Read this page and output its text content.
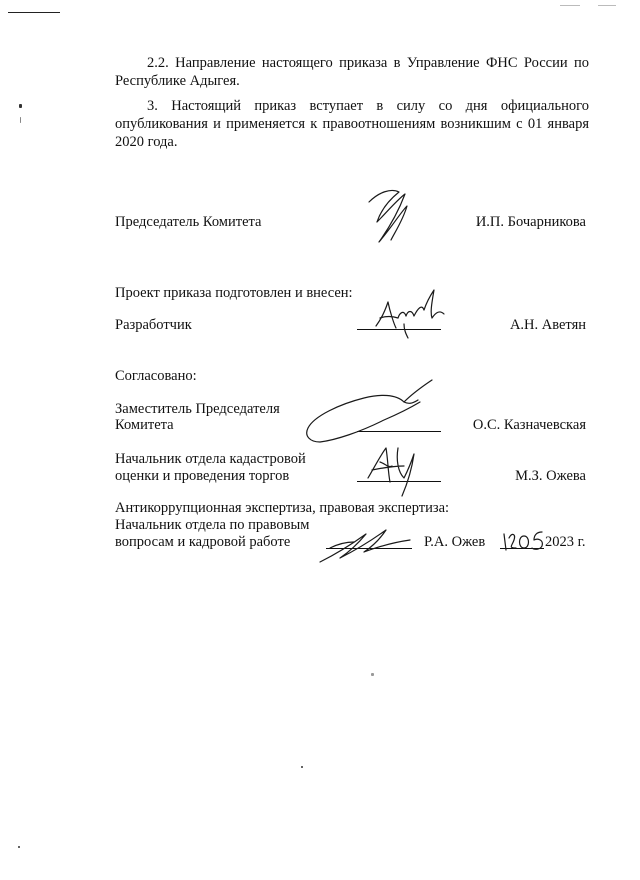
2.2. Направление настоящего приказа в Управление ФНС России по Республике Адыгея.
3. Настоящий приказ вступает в силу со дня официального опубликования и применяется к правоотношениям возникшим с 01 января 2020 года.
Председатель Комитета	И.П. Бочарникова
Проект приказа подготовлен и внесен:
Разработчик	А.Н. Аветян
Согласовано:
Заместитель Председателя
Комитета	О.С. Казначевская
Начальник отдела кадастровой
оценки и проведения торгов	М.З. Ожева
Антикоррупционная экспертиза, правовая экспертиза:
Начальник отдела по правовым
вопросам и кадровой работе	Р.А. Ожев	2023 г.
